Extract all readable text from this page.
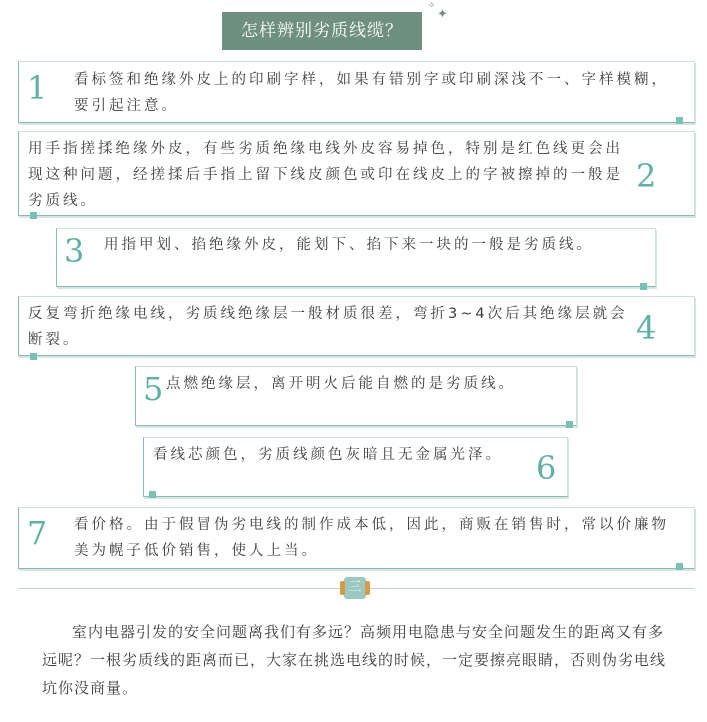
怎样辨别劣质线缆？
✦
✧
1 看标签和绝缘外皮上的印刷字样，如果有错别字或印刷深浅不一、字样模糊，要引起注意。
用手指搓揉绝缘外皮，有些劣质绝缘电线外皮容易掉色，特别是红色线更会出现这种问题，经搓揉后手指上留下线皮颜色或印在线皮上的字被擦掉的一般是劣质线。
2
3 用指甲划、掐绝缘外皮，能划下、掐下来一块的一般是劣质线。
反复弯折绝缘电线，劣质线绝缘层一般材质很差，弯折3~4次后其绝缘层就会断裂。	4
5 点燃绝缘层，离开明火后能自燃的是劣质线。
看线芯颜色，劣质线颜色灰暗且无金属光泽。	6
7 看价格。由于假冒伪劣电线的制作成本低，因此，商贩在销售时，常以价廉物美为幌子低价销售，使人上当。
三
室内电器引发的安全问题离我们有多远？高频用电隐患与安全问题发生的距离又有多远呢？一根劣质线的距离而已，大家在挑选电线的时候，一定要擦亮眼睛，否则伪劣电线坑你没商量。
